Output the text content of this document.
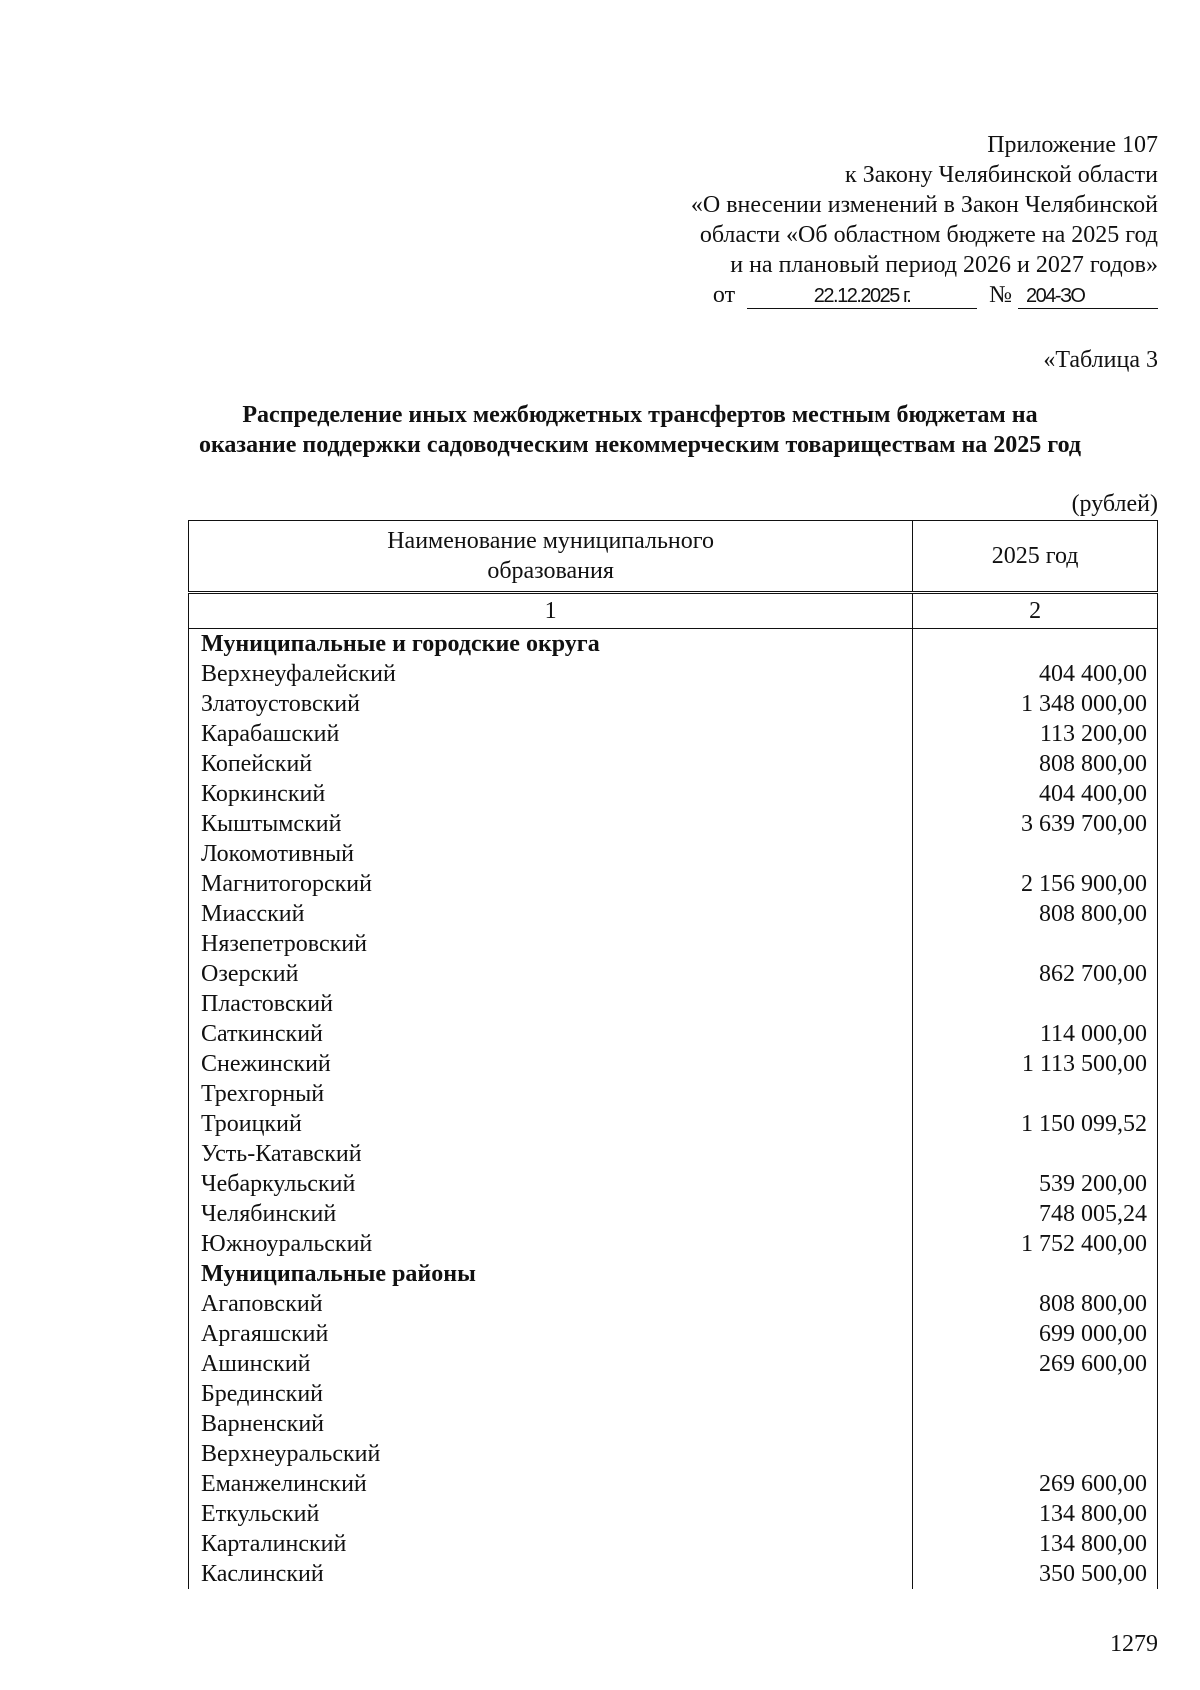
Приложение 107
к Закону Челябинской области
«О внесении изменений в Закон Челябинской
области «Об областном бюджете на 2025 год
и на плановый период 2026 и 2027 годов»
от	22.12.2025 г.	№ 204-ЗО
«Таблица 3
Распределение иных межбюджетных трансфертов местным бюджетам на
оказание поддержки садоводческим некоммерческим товариществам на 2025 год
(рублей)
Наименование муниципального
образования	2025 год
1	2
Муниципальные и городские округа	
Верхнеуфалейский	404 400,00
Златоустовский	1 348 000,00
Карабашский	113 200,00
Копейский	808 800,00
Коркинский	404 400,00
Кыштымский	3 639 700,00
Локомотивный	
Магнитогорский	2 156 900,00
Миасский	808 800,00
Нязепетровский	
Озерский	862 700,00
Пластовский	
Саткинский	114 000,00
Снежинский	1 113 500,00
Трехгорный	
Троицкий	1 150 099,52
Усть-Катавский	
Чебаркульский	539 200,00
Челябинский	748 005,24
Южноуральский	1 752 400,00
Муниципальные районы	
Агаповский	808 800,00
Аргаяшский	699 000,00
Ашинский	269 600,00
Брединский	
Варненский	
Верхнеуральский	
Еманжелинский	269 600,00
Еткульский	134 800,00
Карталинский	134 800,00
Каслинский	350 500,00
1279
